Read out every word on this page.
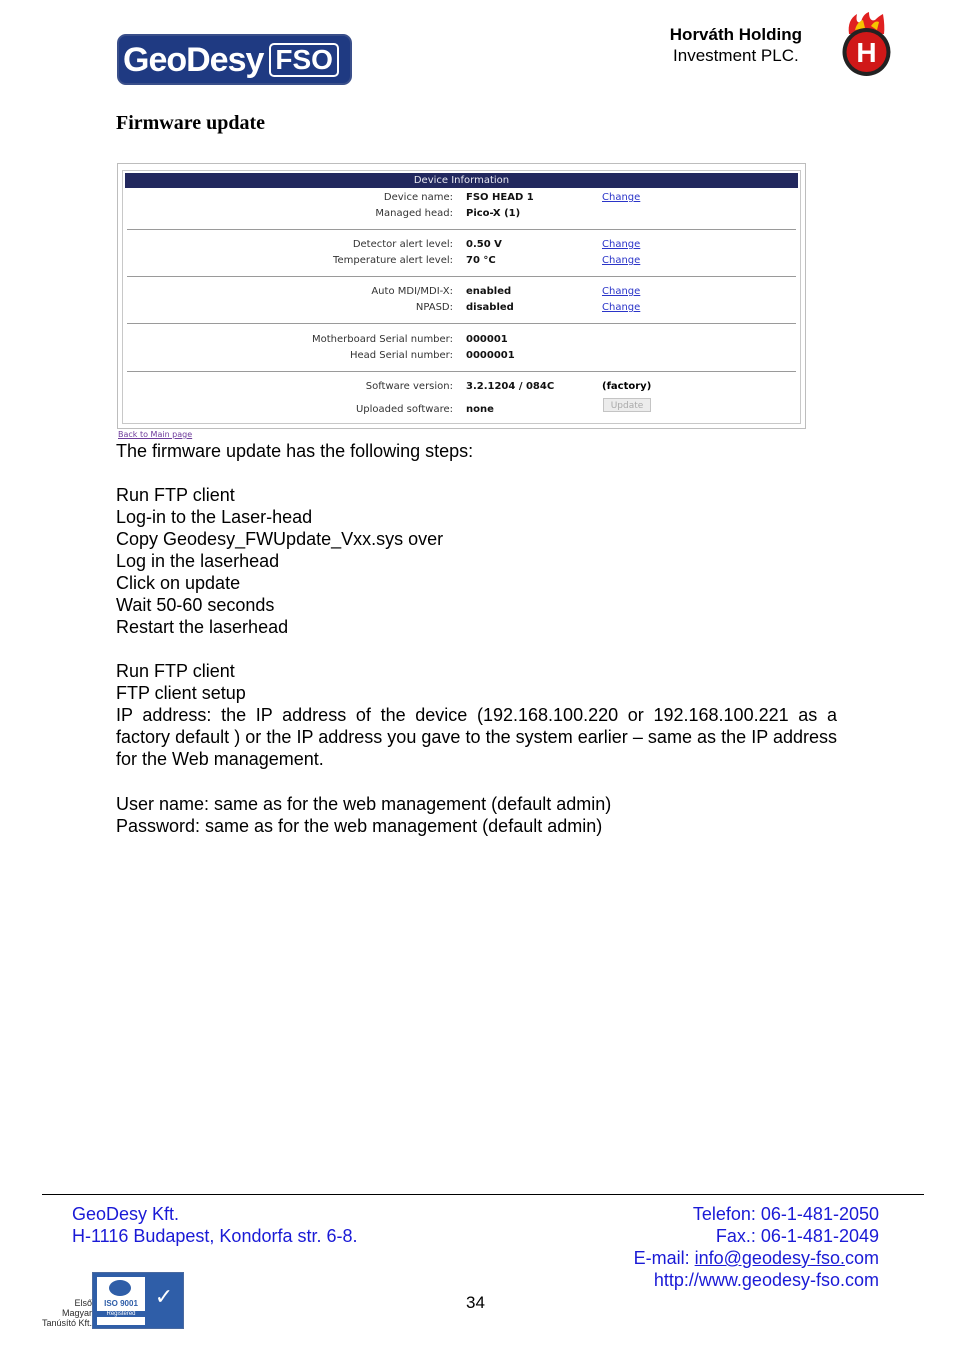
GeoDesy FSO
Horváth Holding
Investment PLC. H
Firmware update
Device Information
Device name: FSO HEAD 1	Change
Managed head: Pico-X (1)
Detector alert level: 0.50 V	Change
Temperature alert level: 70 °C	Change
Auto MDI/MDI-X: enabled	Change
NPASD: disabled	Change
Motherboard Serial number: 000001
Head Serial number: 0000001
Software version: 3.2.1204 / 084C	(factory)
Uploaded software: none	Update
Back to Main page
The firmware update has the following steps:

Run FTP client

Log-in to the Laser-head

Copy Geodesy_FWUpdate_Vxx.sys over

Log in the laserhead

Click on update

Wait 50-60 seconds

Restart the laserhead

Run FTP client

FTP client setup

IP address: the IP address of the device (192.168.100.220 or 192.168.100.221 as a factory default ) or the IP address you gave to the system earlier – same as the IP address for the Web management.

User name: same as for the web management (default admin)

Password: same as for the web management (default admin)

GeoDesy Kft.
H-1116 Budapest, Kondorfa str. 6-8.
Telefon: 06-1-481-2050
Fax.: 06-1-481-2049
E-mail: info@geodesy-fso.com
http://www.geodesy-fso.com
34
Első
Magyar
Tanúsító Kft.
ISO 9001
Registered
✓
